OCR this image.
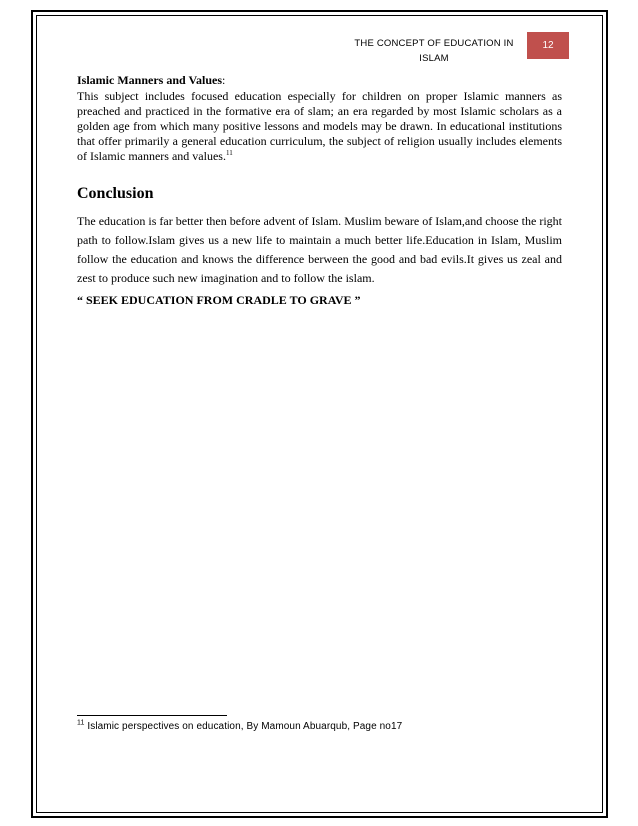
THE CONCEPT OF EDUCATION IN ISLAM
12
Islamic Manners and Values:
This subject includes focused education especially for children on proper Islamic manners as preached and practiced in the formative era of slam; an era regarded by most Islamic scholars as a golden age from which many positive lessons and models may be drawn. In educational institutions that offer primarily a general education curriculum, the subject of religion usually includes elements of Islamic manners and values.$^{11}$
Conclusion
The education is far better then before advent of Islam. Muslim beware of Islam,and choose the right path to follow.Islam gives us a new life to maintain a much better life.Education in Islam, Muslim follow the education and knows the difference berween the good and bad evils.It gives us zeal and zest to produce such new imagination and to follow the islam.
“ SEEK EDUCATION FROM CRADLE TO GRAVE ”
$^{11}$ Islamic perspectives on education, By Mamoun Abuarqub, Page no17
